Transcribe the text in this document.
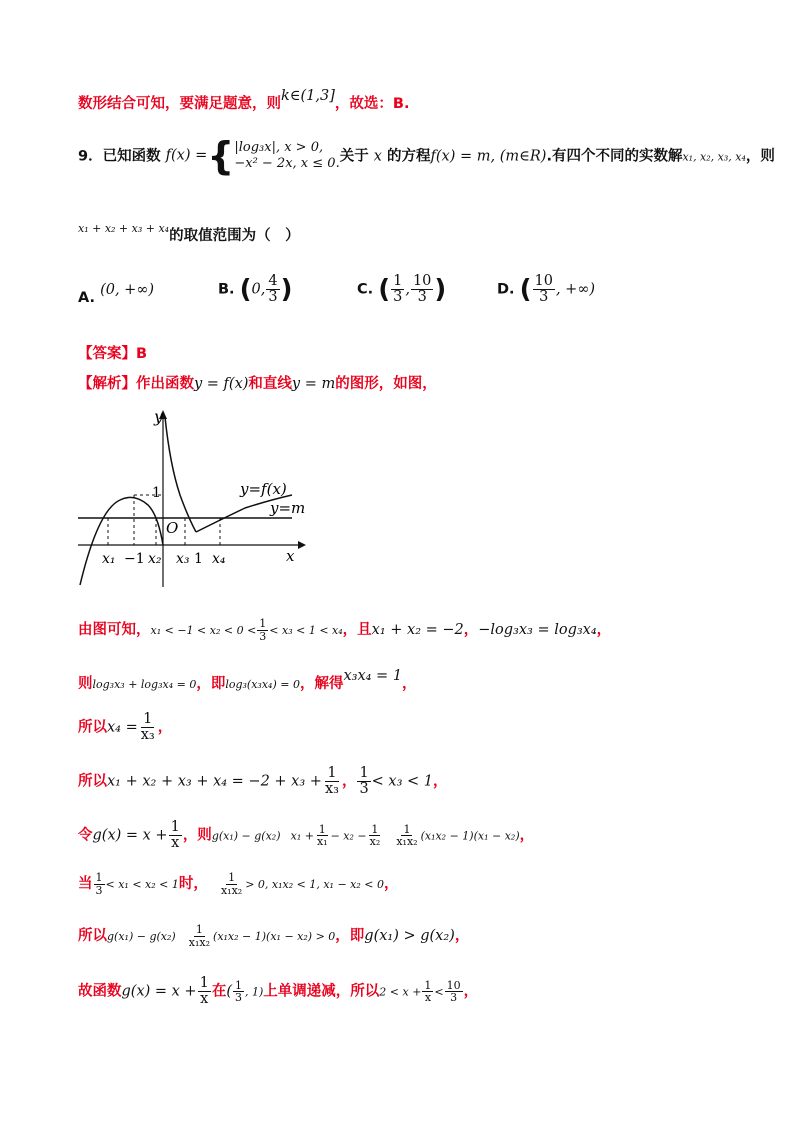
数形结合可知，要满足题意，则k∈(1,3]，故选：B.
9．已知函数 f(x) ={ |log₃x|, x > 0,
−x² − 2x, x ≤ 0. 关于 x 的方程f(x) = m, (m∈R).有四个不同的实数解x₁, x₂, x₃, x₄，则
x₁ + x₂ + x₃ + x₄的取值范围为（　）
A. (0, +∞)	B. (0, $\frac{4}{3}$ )	C. ( $\frac{1}{3}$ , $\frac{10}{3}$ )	D. ( $\frac{10}{3}$ , +∞)
【答案】B
【解析】作出函数y = f(x)和直线y = m的图形，如图，
y
x
O
1	y=f(x)
y=m
x₁ −1 x₂ x₃ 1 x₄
由图可知，$x_1 < -1 < x_2 < 0 < \frac{1}{3} < x_3 < 1 < x_4$，且x₁ + x₂ = −2，−log₃x₃ = log₃x₄，
则log₃x₃ + log₃x₄ = 0，即log₃(x₃x₄) = 0，解得x₃x₄ = 1，
所以$x_4 = \frac{1}{\text{x₃}}$ ，
所以$x_1 + x_2 + x_3 + x_4 = -2 + x_3 + \frac{1}{\text{x₃}}$ ， $\frac{1}{3} < x_3 < 1$，
令$g(x) = x + \frac{1}{x}$ ，则g(x₁) − g(x₂) $x_1 + \frac{1}{\text{x₁}} - x_2 - \frac{1}{\text{x₂}}$
$\frac{1}{\text{x₁x₂}} (x_1x_2 - 1)(x_1 - x_2)$，
当 $\frac{1}{3} < x_1 < x_2 < 1$时， $\frac{1}{\text{x₁x₂}} > 0$, x₁x₂ < 1, x₁ − x₂ < 0，
所以$g(x_1) - g(x_2) \frac{1}{\text{x₁x₂}} (x_1x_2 - 1)(x_1 - x_2) > 0$，即g(x₁) > g(x₂)，
故函数$g(x) = x + \frac{1}{x}$ 在( $\frac{1}{3}$ , 1)上单调递减，所以$2 < x + \frac{1}{x} < \frac{10}{3}$ ，
